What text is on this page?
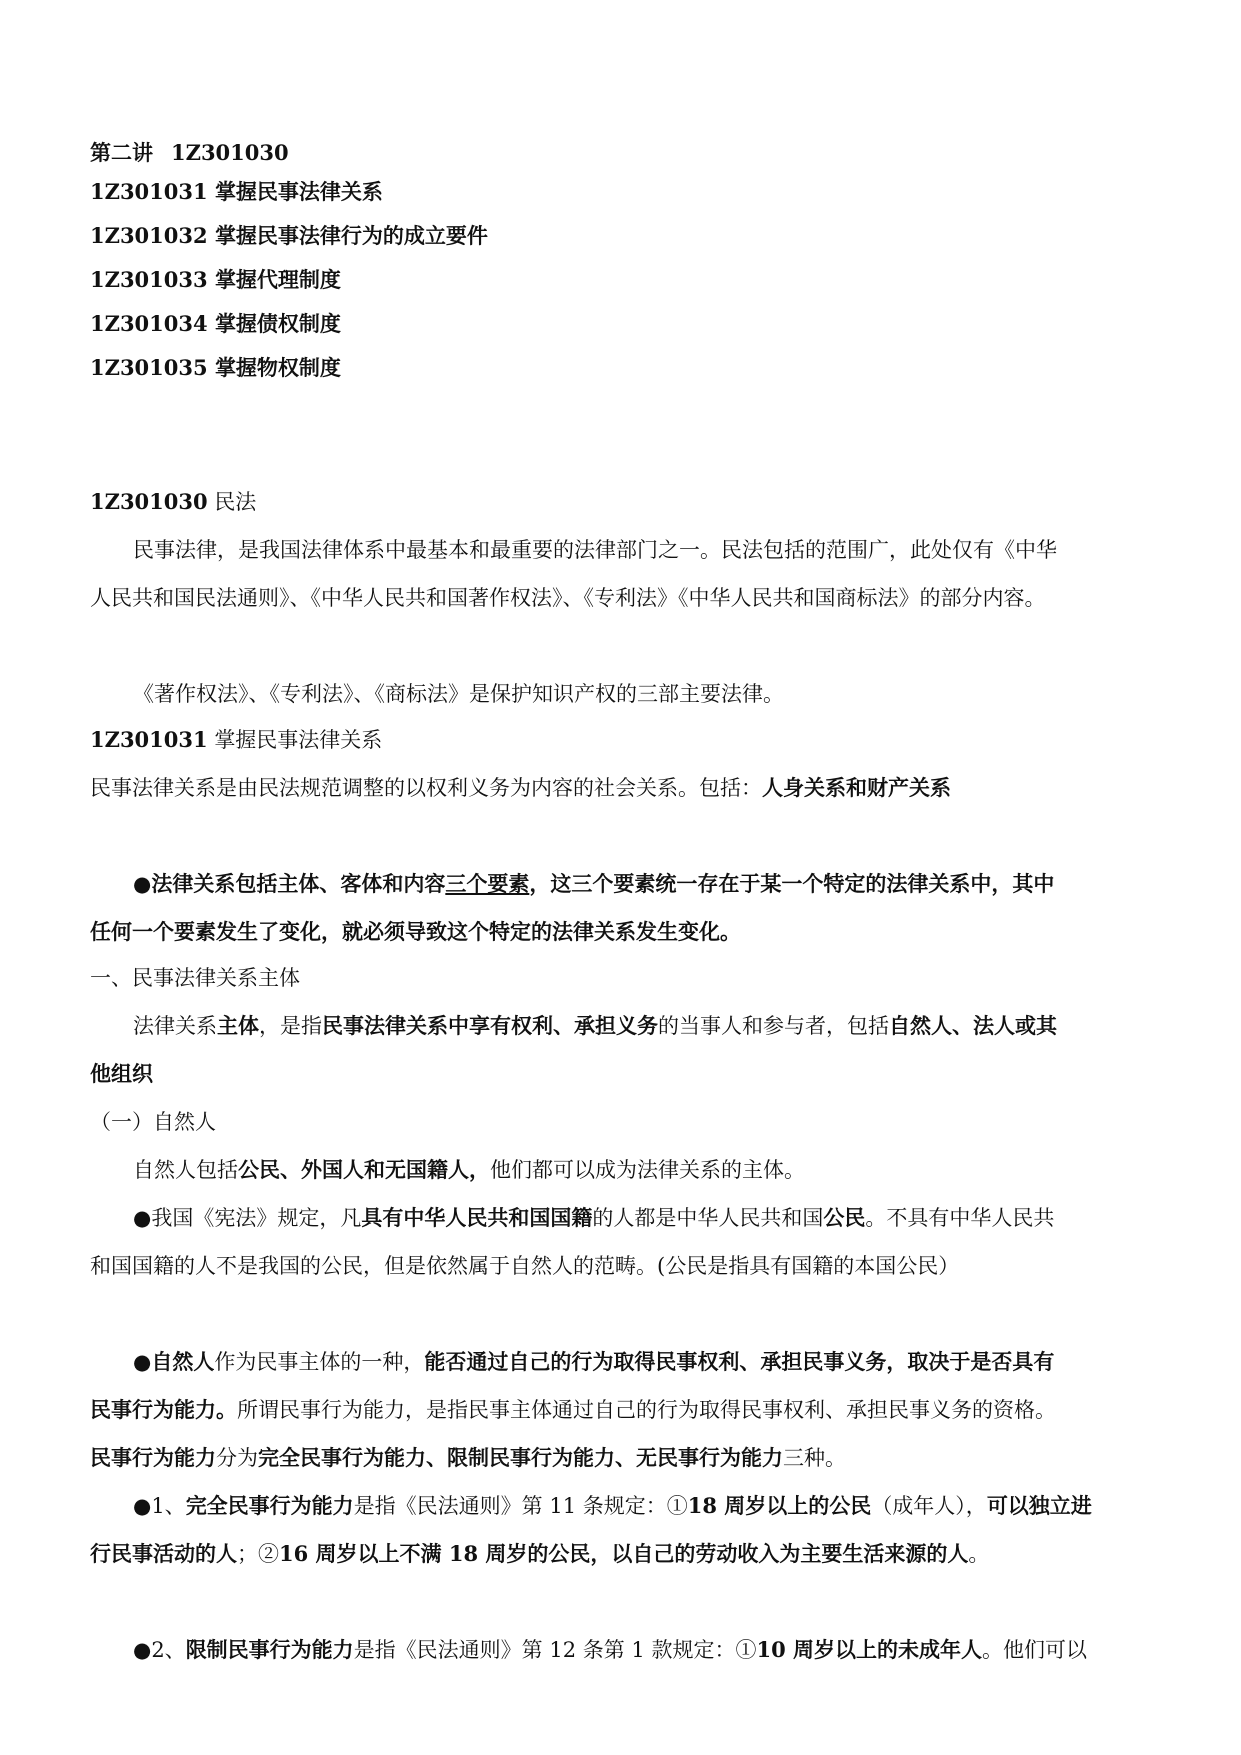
第二讲 1Z301030
1Z301031 掌握民事法律关系
1Z301032 掌握民事法律行为的成立要件
1Z301033 掌握代理制度
1Z301034 掌握债权制度
1Z301035 掌握物权制度
1Z301030 民法
民事法律，是我国法律体系中最基本和最重要的法律部门之一。民法包括的范围广，此处仅有《中华
人民共和国民法通则》、《中华人民共和国著作权法》、《专利法》《中华人民共和国商标法》的部分内容。
《著作权法》、《专利法》、《商标法》是保护知识产权的三部主要法律。
1Z301031 掌握民事法律关系
民事法律关系是由民法规范调整的以权利义务为内容的社会关系。包括：人身关系和财产关系
●法律关系包括主体、客体和内容三个要素，这三个要素统一存在于某一个特定的法律关系中，其中
任何一个要素发生了变化，就必须导致这个特定的法律关系发生变化。
一、民事法律关系主体
法律关系主体，是指民事法律关系中享有权利、承担义务的当事人和参与者，包括自然人、法人或其
他组织
（一）自然人
自然人包括公民、外国人和无国籍人，他们都可以成为法律关系的主体。
●我国《宪法》规定，凡具有中华人民共和国国籍的人都是中华人民共和国公民。不具有中华人民共
和国国籍的人不是我国的公民，但是依然属于自然人的范畴。(公民是指具有国籍的本国公民）
●自然人作为民事主体的一种，能否通过自己的行为取得民事权利、承担民事义务，取决于是否具有
民事行为能力。所谓民事行为能力，是指民事主体通过自己的行为取得民事权利、承担民事义务的资格。
民事行为能力分为完全民事行为能力、限制民事行为能力、无民事行为能力三种。
●1、完全民事行为能力是指《民法通则》第 11 条规定：①18 周岁以上的公民（成年人），可以独立进
行民事活动的人；②16 周岁以上不满 18 周岁的公民，以自己的劳动收入为主要生活来源的人。
●2、限制民事行为能力是指《民法通则》第 12 条第 1 款规定：①10 周岁以上的未成年人。他们可以
